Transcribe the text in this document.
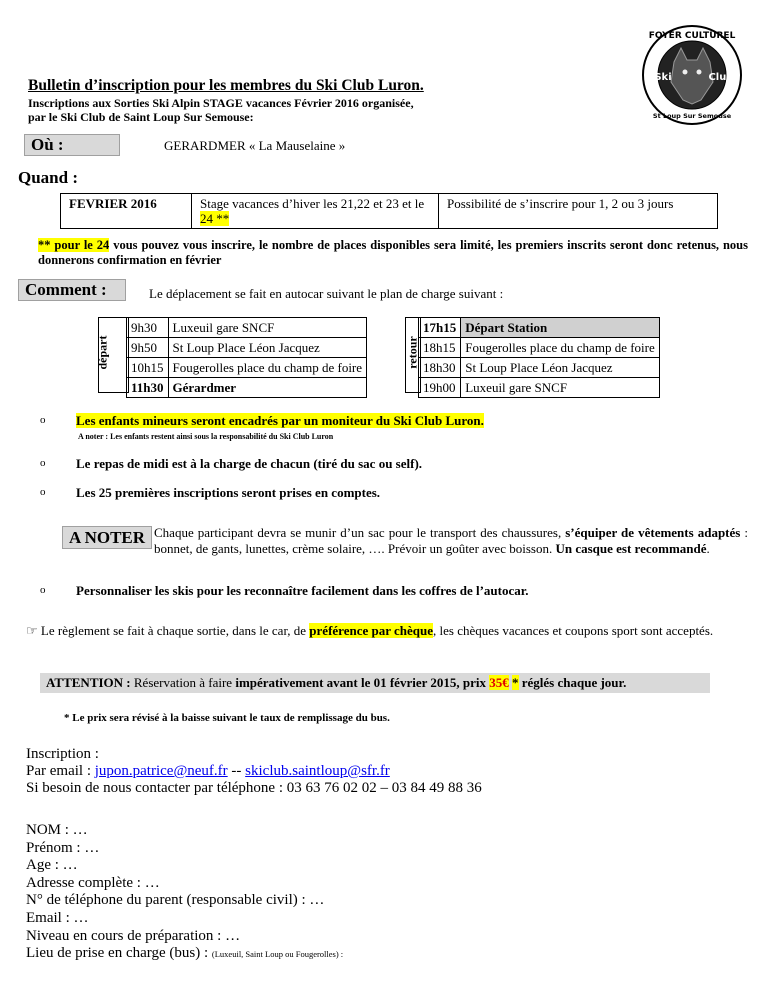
FOYER CULTUREL
Ski	Club
St Loup Sur Semouse
Bulletin d’inscription pour les membres du Ski Club Luron.
Inscriptions aux Sorties Ski Alpin STAGE vacances Février 2016 organisée,
par le Ski Club de Saint Loup Sur Semouse:
Où :	GERARDMER « La Mauselaine »
Quand :
FEVRIER 2016	Stage vacances d’hiver les 21,22 et 23 et le 24 **	Possibilité de s’inscrire pour 1, 2 ou 3 jours
** pour le 24 vous pouvez vous inscrire, le nombre de places disponibles sera limité, les premiers inscrits seront donc retenus, nous donnerons confirmation en février
Comment :	Le déplacement se fait en autocar suivant le plan de charge suivant :
départ
9h30	Luxeuil gare SNCF
9h50	St Loup Place Léon Jacquez
10h15	Fougerolles place du champ de foire
11h30	Gérardmer
retour
17h15	Départ Station
18h15	Fougerolles place du champ de foire
18h30	St Loup Place Léon Jacquez
19h00	Luxeuil gare SNCF
o Les enfants mineurs seront encadrés par un moniteur du Ski Club Luron.
A noter : Les enfants restent ainsi sous la responsabilité du Ski Club Luron
o Le repas de midi est à la charge de chacun (tiré du sac ou self).
o Les 25 premières inscriptions seront prises en comptes.
A NOTER Chaque participant devra se munir d’un sac pour le transport des chaussures, s’équiper de vêtements adaptés : bonnet, de gants, lunettes, crème solaire, …. Prévoir un goûter avec boisson. Un casque est recommandé.
o Personnaliser les skis pour les reconnaître facilement dans les coffres de l’autocar.
☞ Le règlement se fait à chaque sortie, dans le car, de préférence par chèque, les chèques vacances et coupons sport sont acceptés.
ATTENTION : Réservation à faire impérativement avant le 01 février 2015, prix 35€ * réglés chaque jour.
* Le prix sera révisé à la baisse suivant le taux de remplissage du bus.
Inscription :
Par email : jupon.patrice@neuf.fr -- skiclub.saintloup@sfr.fr
Si besoin de nous contacter par téléphone : 03 63 76 02 02 – 03 84 49 88 36
NOM : …
Prénom : …
Age : …
Adresse complète : …
N° de téléphone du parent (responsable civil) : …
Email : …
Niveau en cours de préparation : …
Lieu de prise en charge (bus) : (Luxeuil, Saint Loup ou Fougerolles) :
